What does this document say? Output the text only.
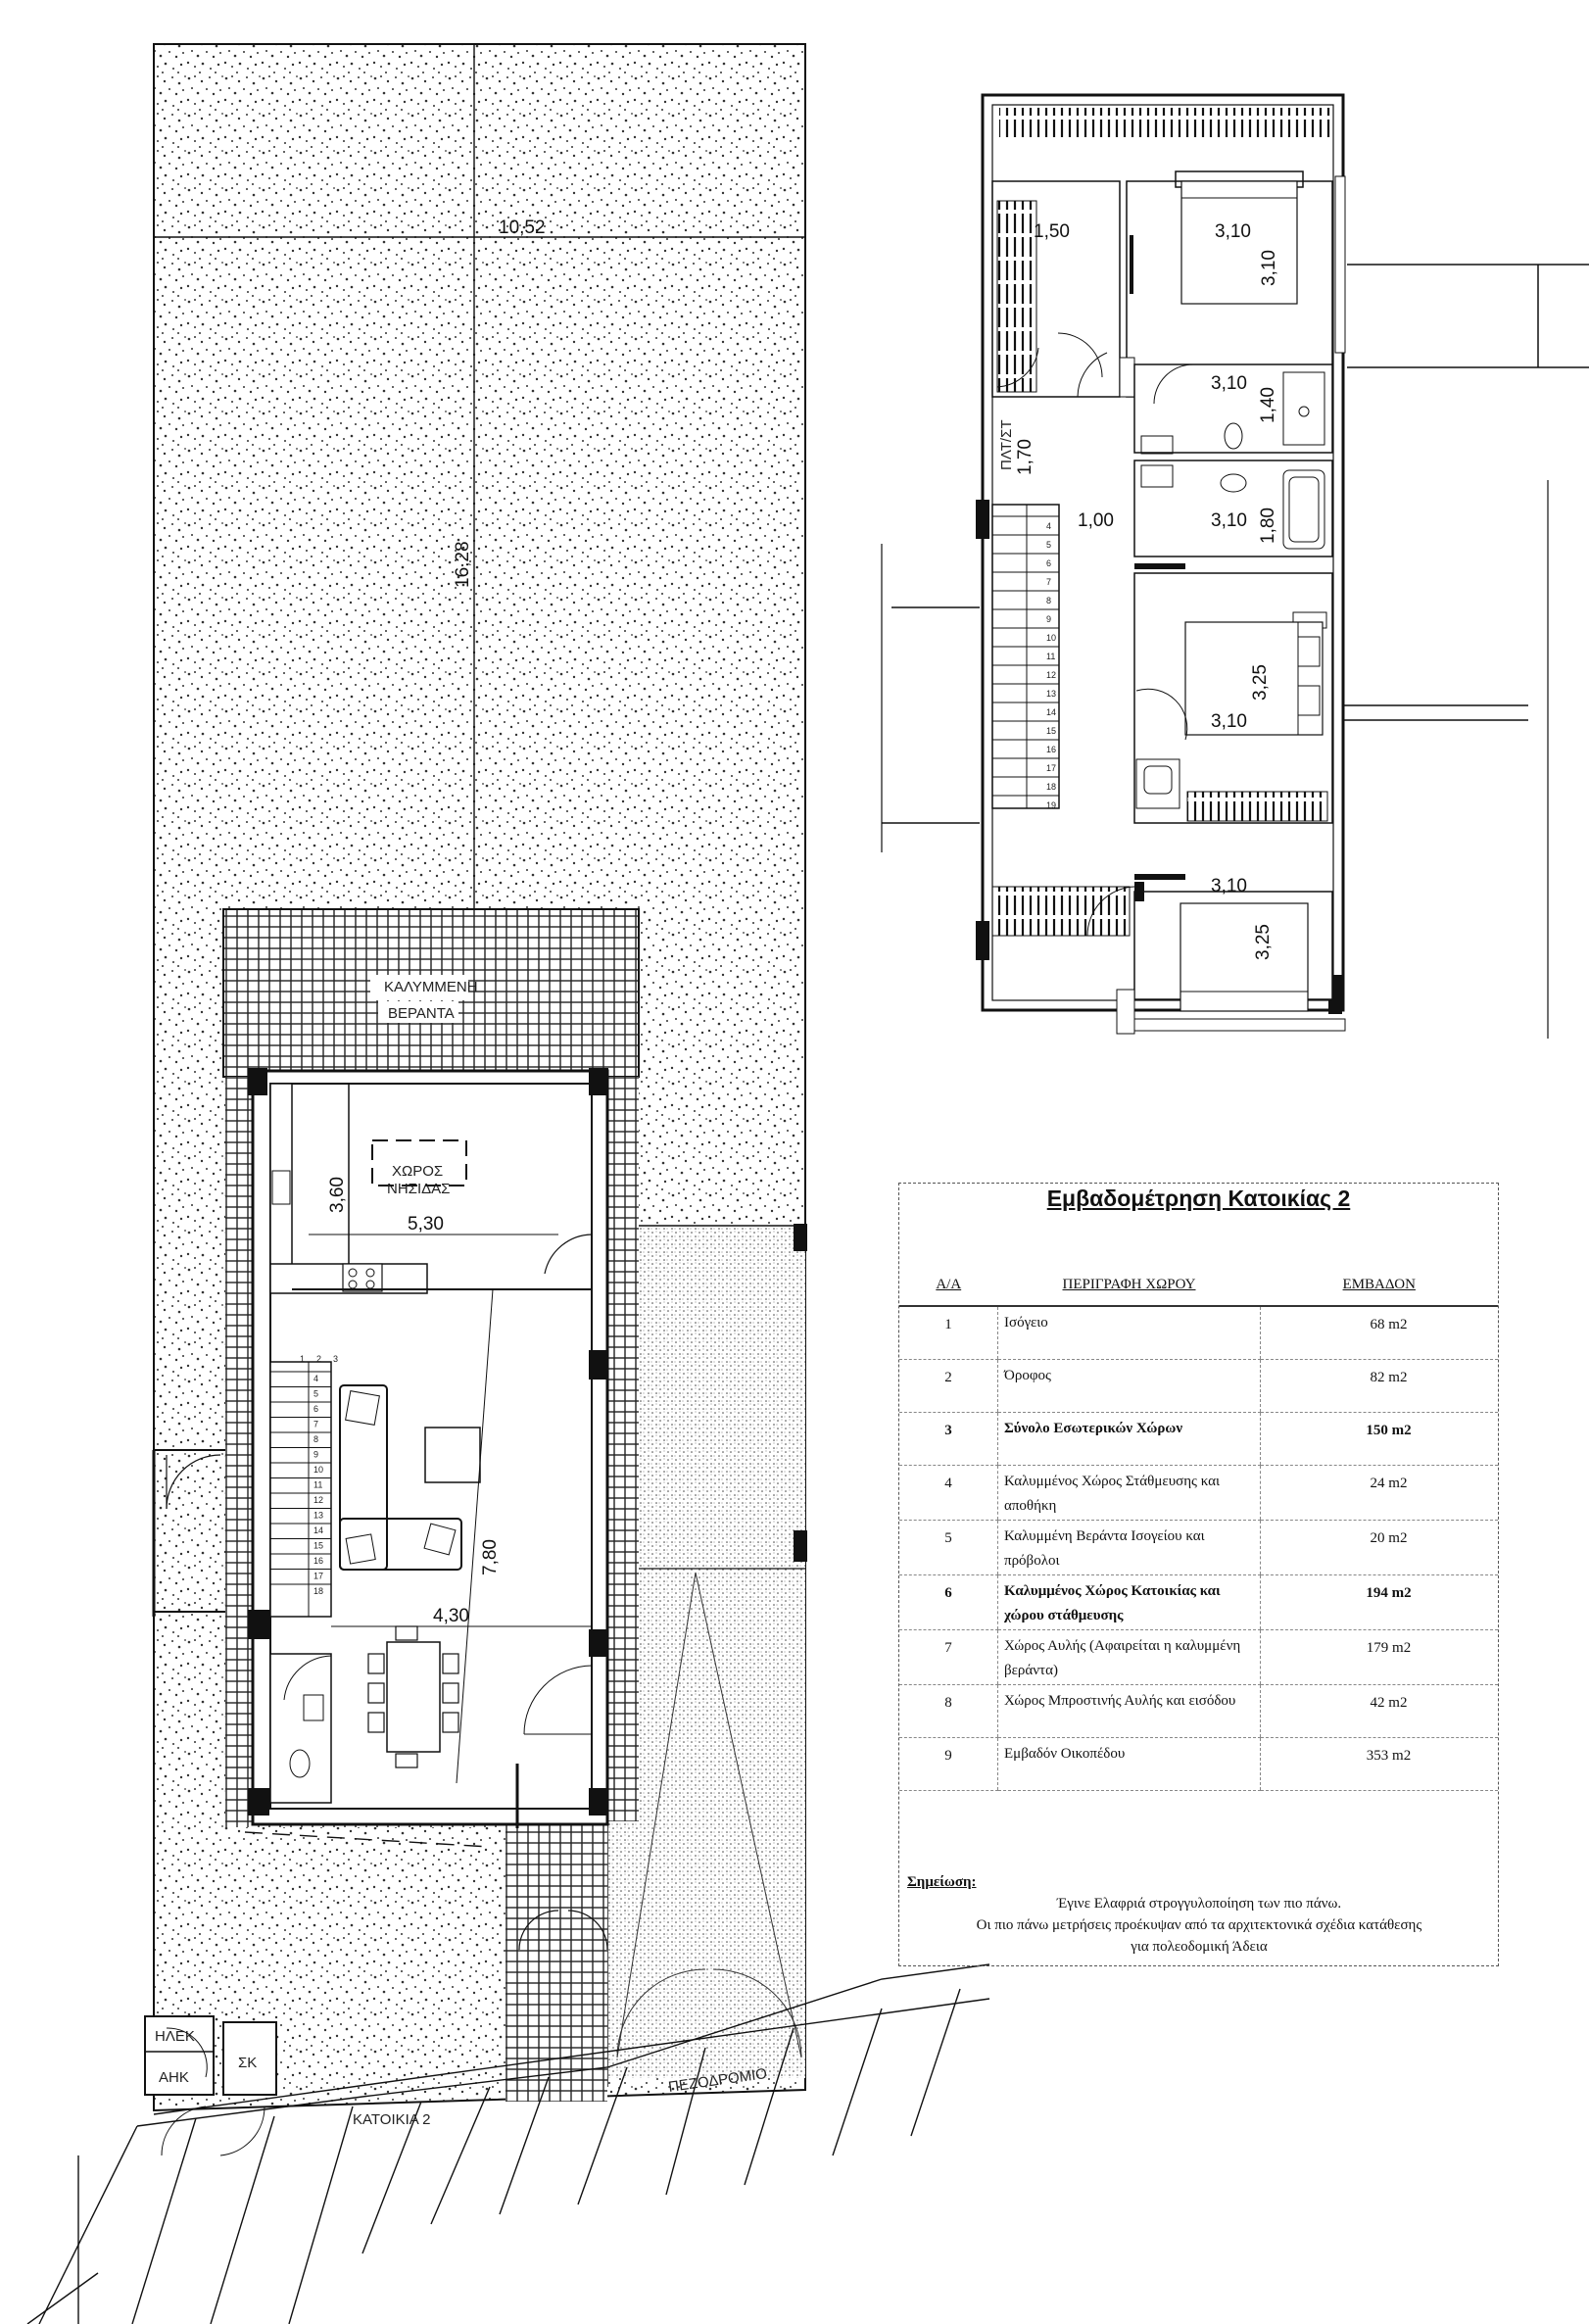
10,52
16,28
ΚΑΛΥΜΜΕΝΗ
ΒΕΡΑΝΤΑ
ΧΩΡΟΣ
ΝΗΣΙΔΑΣ
5,30
3,60
3
2
1
4
5
6
7
8
9
10
11
12
13
14
15
16
17
18
7,80
4,30
ΗΛΕΚ
ΑΗΚ
ΣΚ
ΚΑΤΟΙΚΙΑ 2
ΠΕΖΟΔΡΟΜΙΟ
4
5
6
7
8
9
10
11
12
13
14
15
16
17
18
19
1,50	3,10
3,10
3,10
1,40
ΠΛΤ/ΣΤ 1,70
1,00	3,10 1,80
3,25
3,10
3,10
3,25
Εμβαδομέτρηση Κατοικίας 2
Α/Α	ΠΕΡΙΓΡΑΦΗ ΧΩΡΟΥ	ΕΜΒΑΔΟΝ
1	Ισόγειο	68 m2
2	Όροφος	82 m2
3	Σύνολο Εσωτερικών Χώρων	150 m2
4	Καλυμμένος Χώρος Στάθμευσης και αποθήκη	24 m2
5	Καλυμμένη Βεράντα Ισογείου και πρόβολοι	20 m2
6	Καλυμμένος Χώρος Κατοικίας και χώρου στάθμευσης	194 m2
7	Χώρος Αυλής (Αφαιρείται η καλυμμένη βεράντα)	179 m2
8	Χώρος Μπροστινής Αυλής και εισόδου	42 m2
9	Εμβαδόν Οικοπέδου	353 m2
Σημείωση:
Έγινε Ελαφριά στρογγυλοποίηση των πιο πάνω.
Οι πιο πάνω μετρήσεις προέκυψαν από τα αρχιτεκτονικά σχέδια κατάθεσης
για πολεοδομική Άδεια
